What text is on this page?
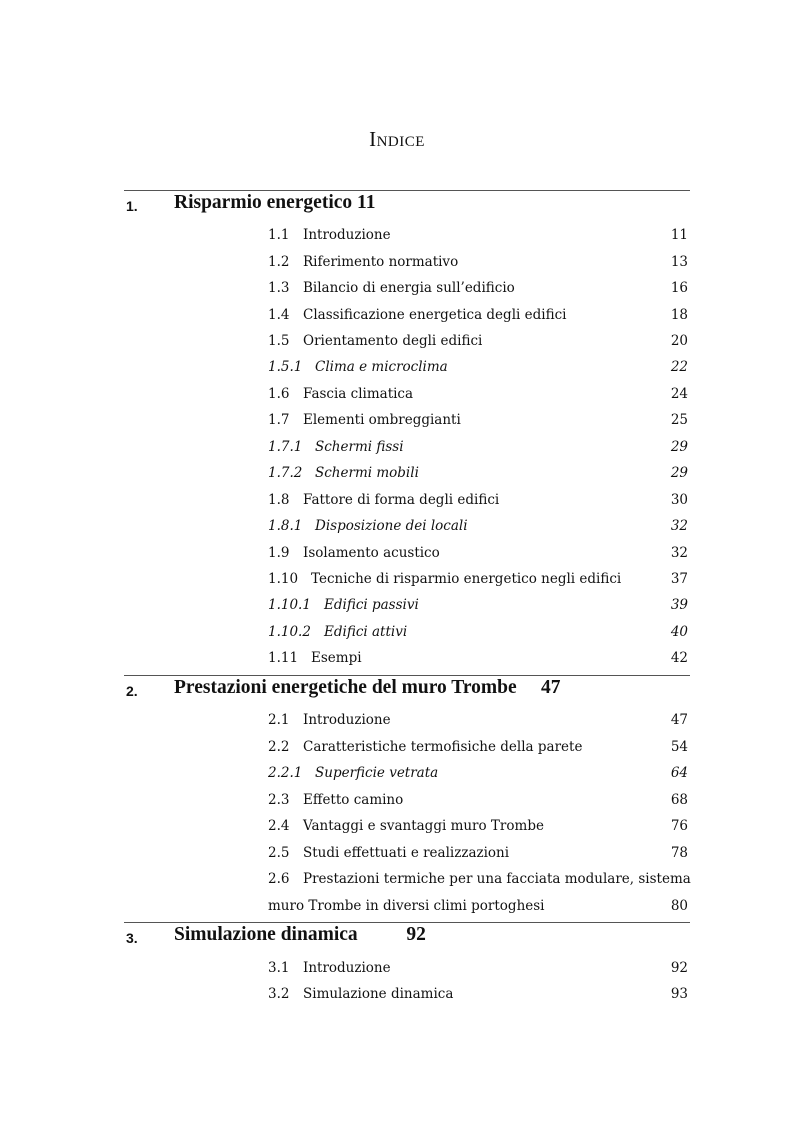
INDICE
1. Risparmio energetico 11
1.1 Introduzione	11
1.2 Riferimento normativo	13
1.3 Bilancio di energia sull’edificio	16
1.4 Classificazione energetica degli edifici	18
1.5 Orientamento degli edifici	20
1.5.1 Clima e microclima	22
1.6 Fascia climatica	24
1.7 Elementi ombreggianti	25
1.7.1 Schermi fissi	29
1.7.2 Schermi mobili	29
1.8 Fattore di forma degli edifici	30
1.8.1 Disposizione dei locali	32
1.9 Isolamento acustico	32
1.10 Tecniche di risparmio energetico negli edifici	37
1.10.1 Edifici passivi	39
1.10.2 Edifici attivi	40
1.11 Esempi	42
2. Prestazioni energetiche del muro Trombe     47
2.1 Introduzione	47
2.2 Caratteristiche termofisiche della parete	54
2.2.1 Superficie vetrata	64
2.3 Effetto camino	68
2.4 Vantaggi e svantaggi muro Trombe	76
2.5 Studi effettuati e realizzazioni	78
2.6 Prestazioni termiche per una facciata modulare, sistema
muro Trombe in diversi climi portoghesi	80
3. Simulazione dinamica          92
3.1 Introduzione	92
3.2 Simulazione dinamica	93
